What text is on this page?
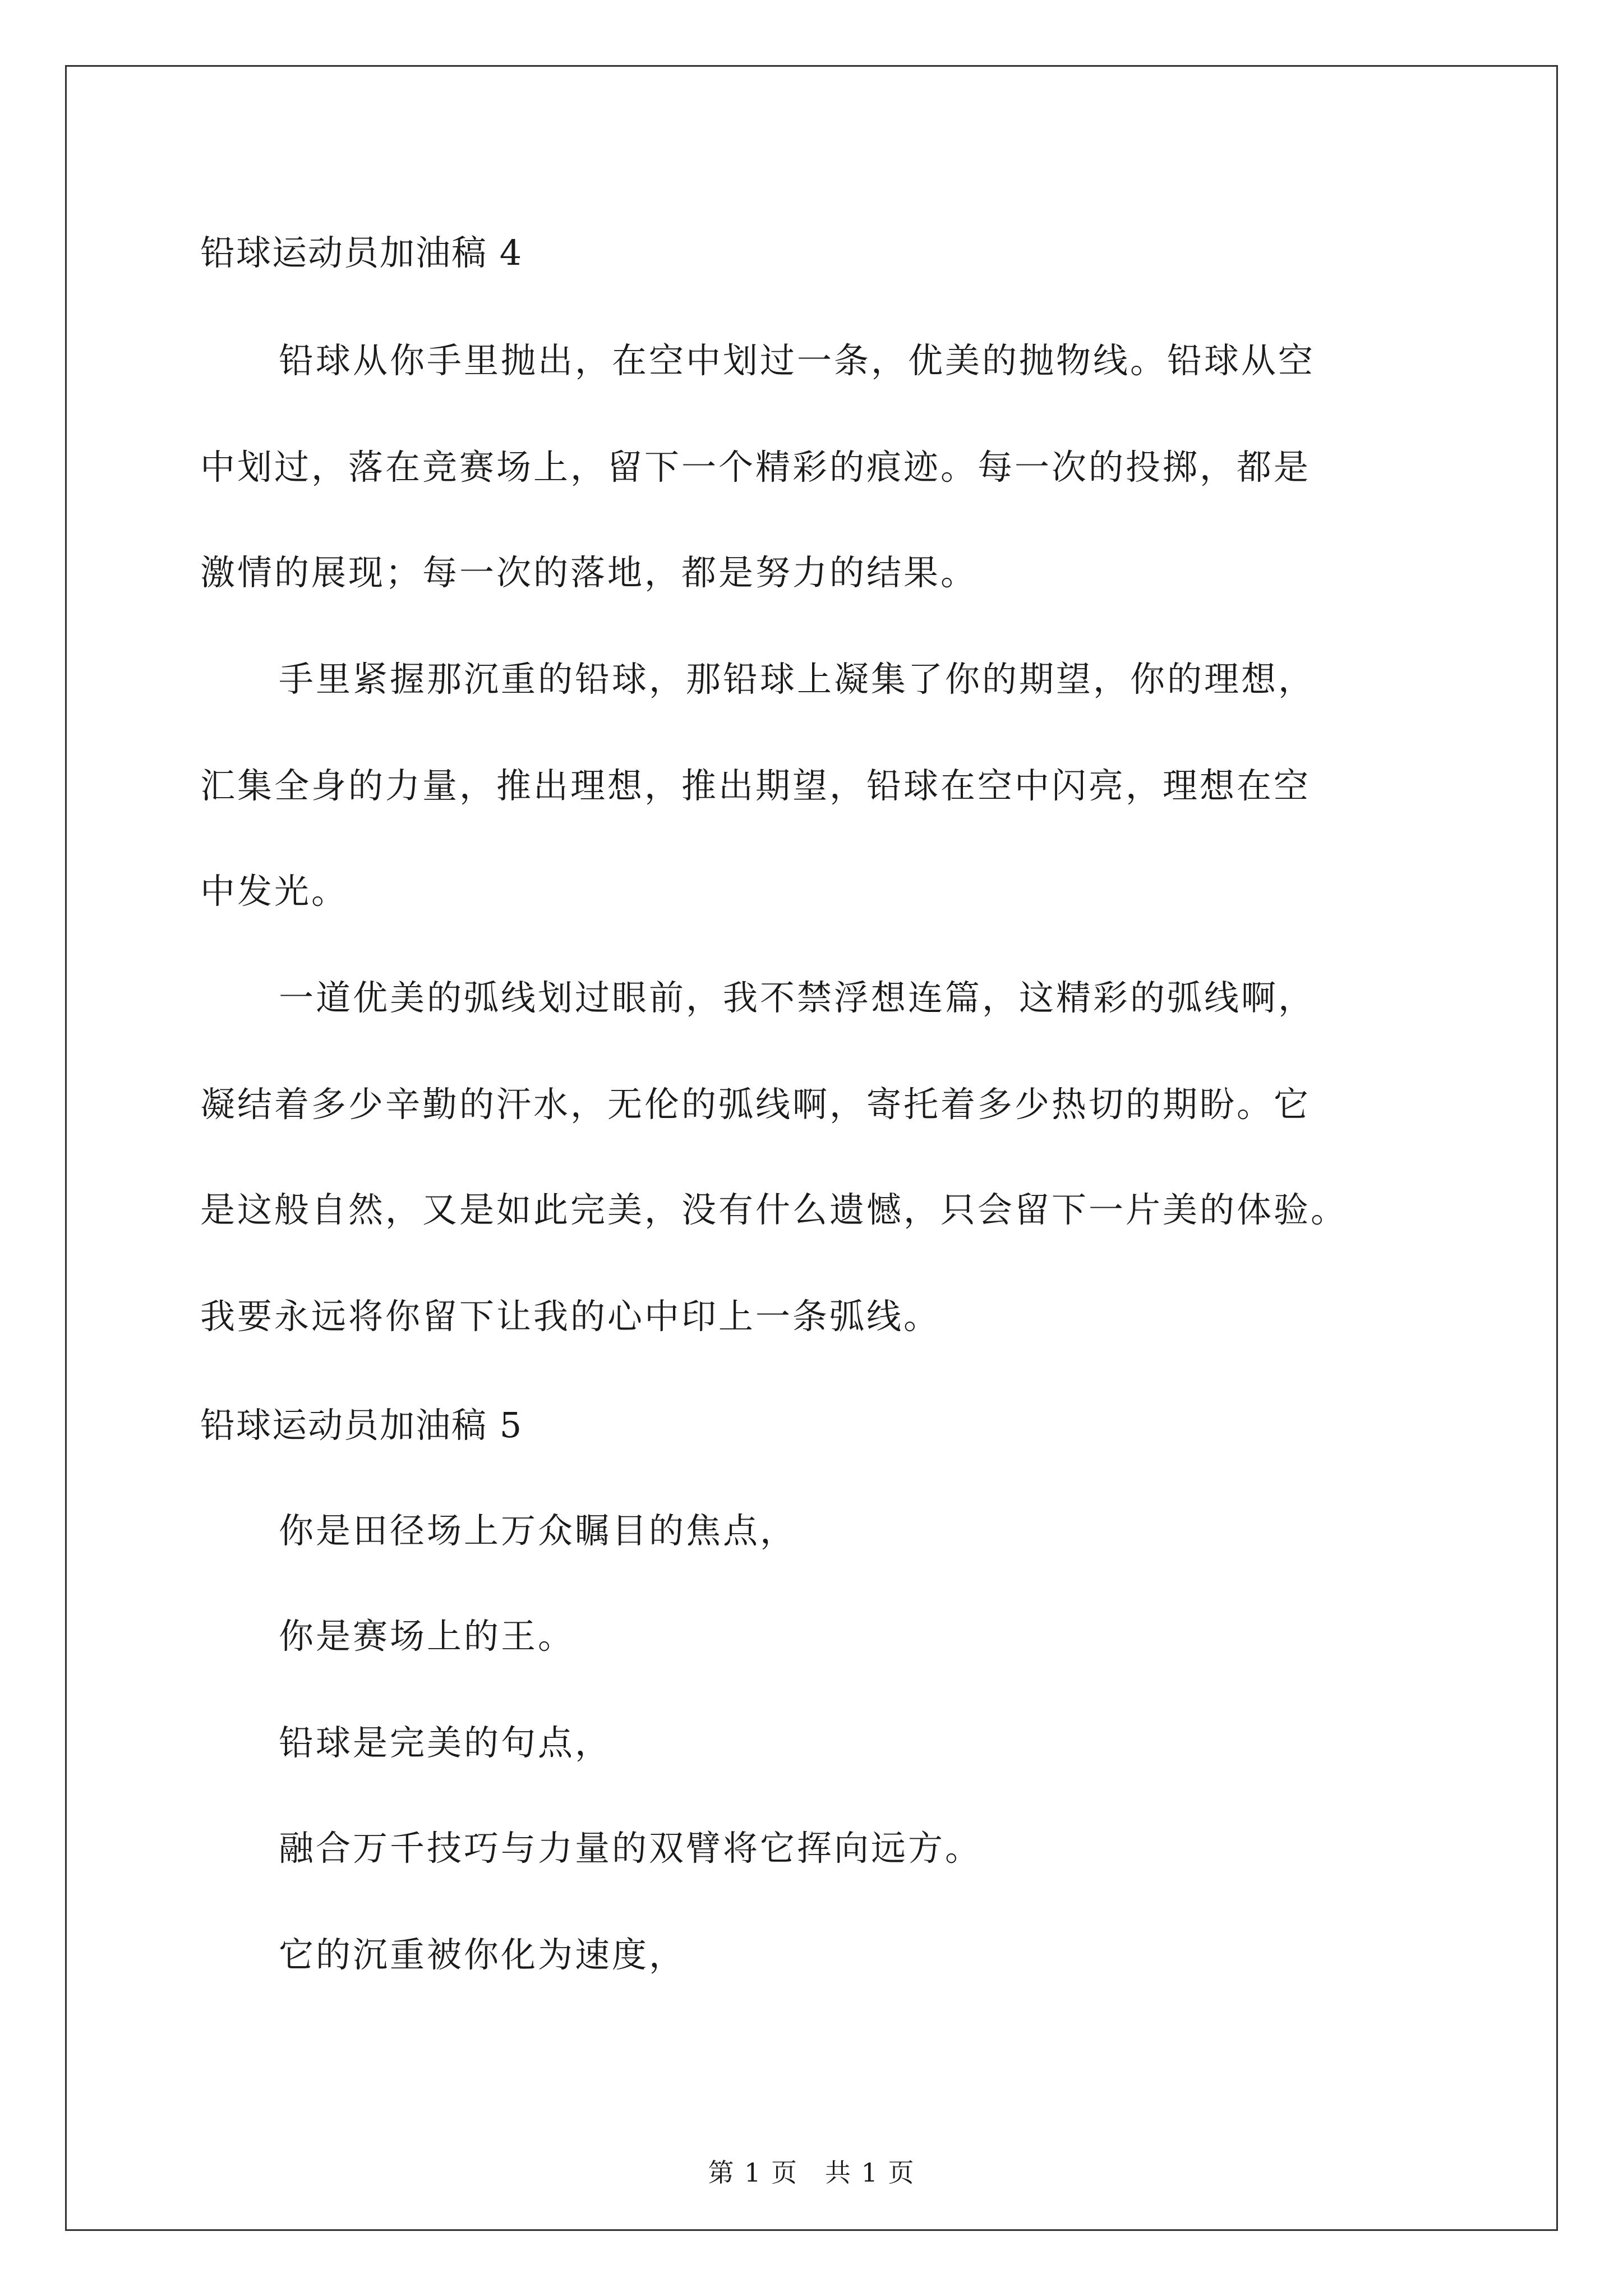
铅球运动员加油稿 4
铅球从你手里抛出，在空中划过一条，优美的抛物线。铅球从空
中划过，落在竞赛场上，留下一个精彩的痕迹。每一次的投掷，都是
激情的展现；每一次的落地，都是努力的结果。
手里紧握那沉重的铅球，那铅球上凝集了你的期望，你的理想，
汇集全身的力量，推出理想，推出期望，铅球在空中闪亮，理想在空
中发光。
一道优美的弧线划过眼前，我不禁浮想连篇，这精彩的弧线啊，
凝结着多少辛勤的汗水，无伦的弧线啊，寄托着多少热切的期盼。它
是这般自然，又是如此完美，没有什么遗憾，只会留下一片美的体验。
我要永远将你留下让我的心中印上一条弧线。
铅球运动员加油稿 5
你是田径场上万众瞩目的焦点，
你是赛场上的王。
铅球是完美的句点，
融合万千技巧与力量的双臂将它挥向远方。
它的沉重被你化为速度，
第 1 页　共 1 页
